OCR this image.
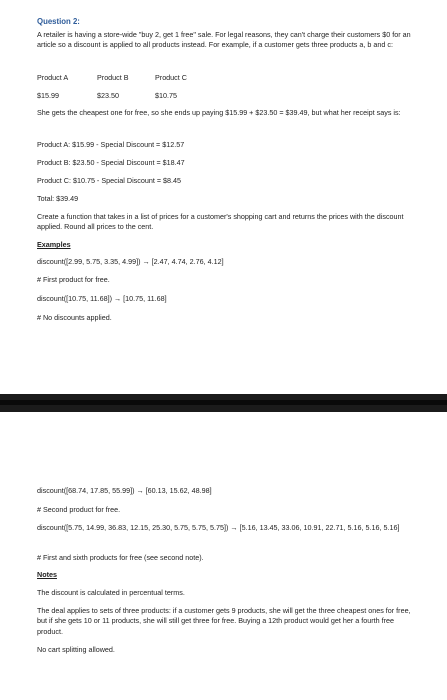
Question 2:

A retailer is having a store-wide "buy 2, get 1 free" sale. For legal reasons, they can't charge their customers $0 for an article so a discount is applied to all products instead. For example, if a customer gets three products a, b and c:

Product A	Product B	Product C
$15.99	$23.50	$10.75

She gets the cheapest one for free, so she ends up paying $15.99 + $23.50 = $39.49, but what her receipt says is:

Product A: $15.99 - Special Discount = $12.57

Product B: $23.50 - Special Discount = $18.47

Product C: $10.75 - Special Discount = $8.45

Total: $39.49

Create a function that takes in a list of prices for a customer's shopping cart and returns the prices with the discount applied. Round all prices to the cent.

Examples

discount([2.99, 5.75, 3.35, 4.99]) → [2.47, 4.74, 2.76, 4.12]

# First product for free.

discount([10.75, 11.68]) → [10.75, 11.68]

# No discounts applied.

discount([68.74, 17.85, 55.99]) → [60.13, 15.62, 48.98]

# Second product for free.

discount([5.75, 14.99, 36.83, 12.15, 25.30, 5.75, 5.75, 5.75]) → [5.16, 13.45, 33.06, 10.91, 22.71, 5.16, 5.16, 5.16]

# First and sixth products for free (see second note).

Notes

The discount is calculated in percentual terms.

The deal applies to sets of three products: if a customer gets 9 products, she will get the three cheapest ones for free, but if she gets 10 or 11 products, she will still get three for free. Buying a 12th product would get her a fourth free product.

No cart splitting allowed.
